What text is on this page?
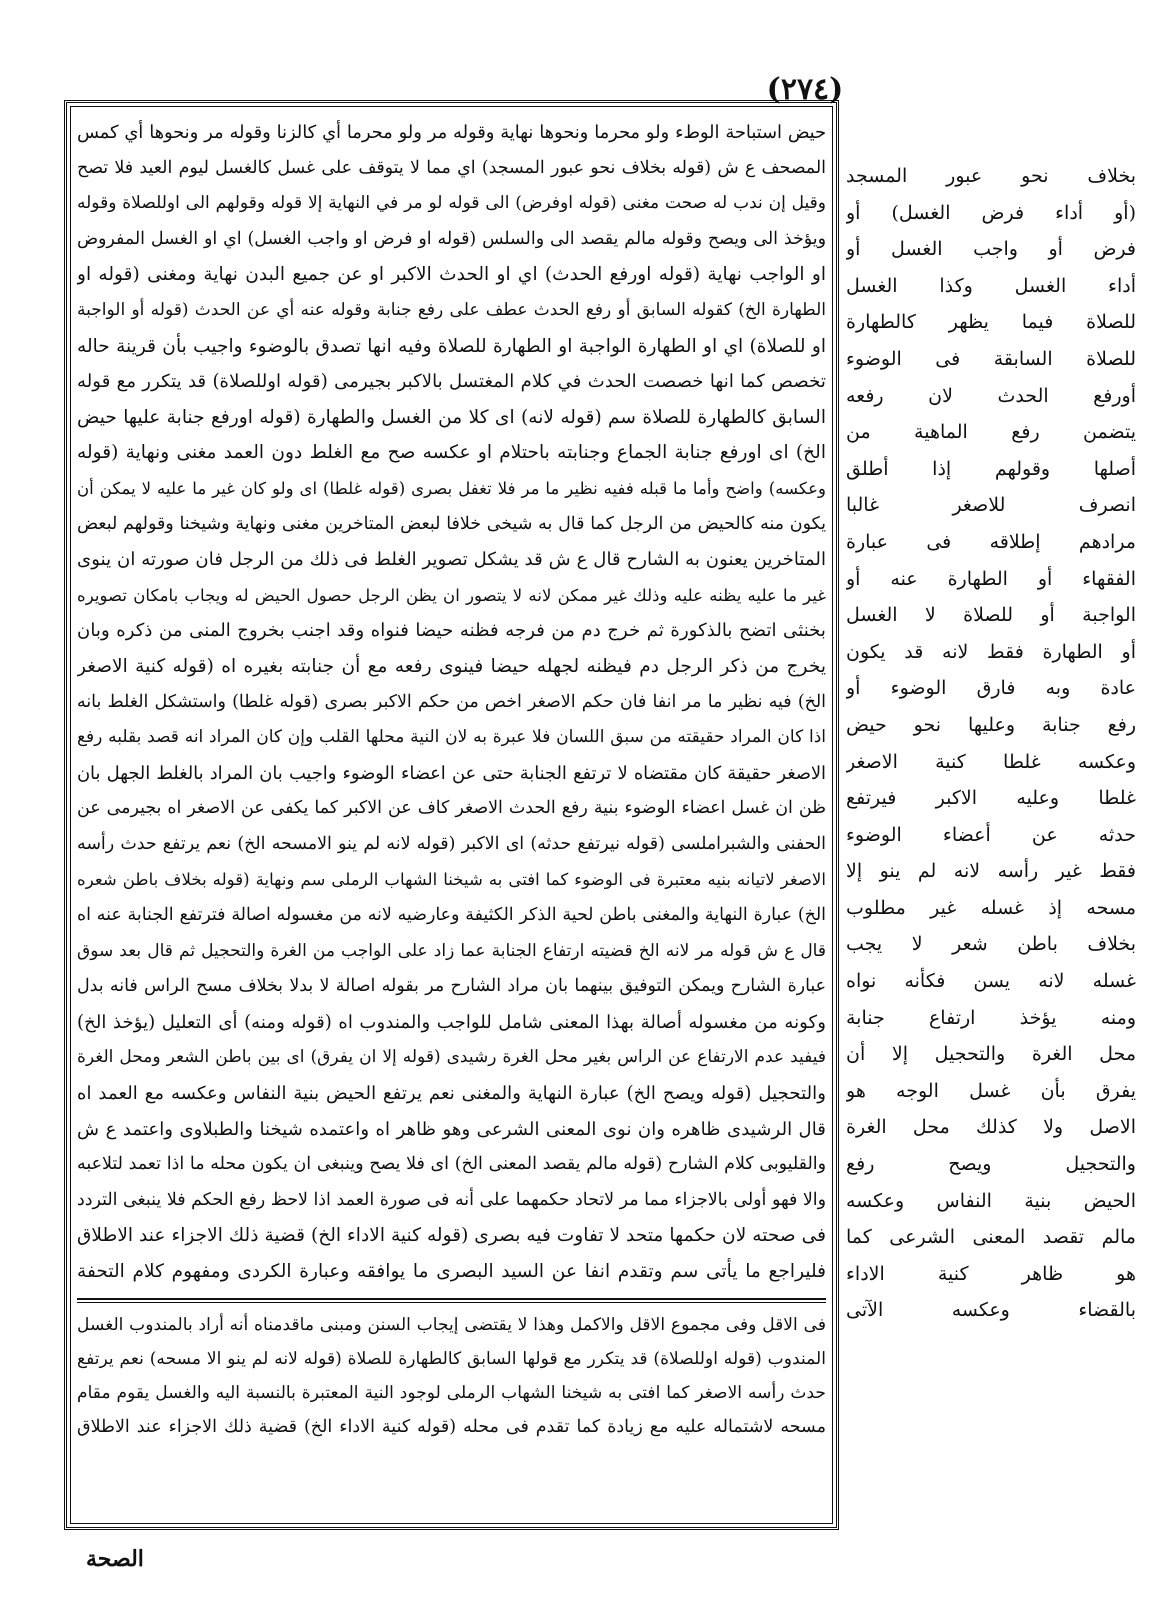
(٢٧٤)
حيض استباحة الوطء ولو محرما ونحوها نهاية وقوله مر ولو محرما أي كالزنا وقوله مر ونحوها أي كمس
المصحف ع ش (قوله بخلاف نحو عبور المسجد) اي مما لا يتوقف على غسل كالغسل ليوم العيد فلا تصح
وقيل إن ندب له صحت مغنى (قوله اوفرض) الى قوله لو مر في النهاية إلا قوله وقولهم الى اوللصلاة وقوله
ويؤخذ الى ويصح وقوله مالم يقصد الى والسلس (قوله او فرض او واجب الغسل) اي او الغسل المفروض
او الواجب نهاية (قوله اورفع الحدث) اي او الحدث الاكبر او عن جميع البدن نهاية ومغنى (قوله او
الطهارة الخ) كقوله السابق أو رفع الحدث عطف على رفع جنابة وقوله عنه أي عن الحدث (قوله أو الواجبة
او للصلاة) اي او الطهارة الواجبة او الطهارة للصلاة وفيه انها تصدق بالوضوء واجيب بأن قرينة حاله
تخصص كما انها خصصت الحدث في كلام المغتسل بالاكبر بجيرمى (قوله اوللصلاة) قد يتكرر مع قوله
السابق كالطهارة للصلاة سم (قوله لانه) اى كلا من الغسل والطهارة (قوله اورفع جنابة عليها حيض
الخ) اى اورفع جنابة الجماع وجنابته باحتلام او عكسه صح مع الغلط دون العمد مغنى ونهاية (قوله
وعكسه) واضح وأما ما قبله ففيه نظير ما مر فلا تغفل بصرى (قوله غلطا) اى ولو كان غير ما عليه لا يمكن أن
يكون منه كالحيض من الرجل كما قال به شيخى خلافا لبعض المتاخرين مغنى ونهاية وشيخنا وقولهم لبعض
المتاخرين يعنون به الشارح قال ع ش قد يشكل تصوير الغلط فى ذلك من الرجل فان صورته ان ينوى
غير ما عليه يظنه عليه وذلك غير ممكن لانه لا يتصور ان يظن الرجل حصول الحيض له ويجاب بامكان تصويره
بخنثى اتضح بالذكورة ثم خرج دم من فرجه فظنه حيضا فنواه وقد اجنب بخروج المنى من ذكره وبان
يخرج من ذكر الرجل دم فيظنه لجهله حيضا فينوى رفعه مع أن جنابته بغيره اه (قوله كنية الاصغر
الخ) فيه نظير ما مر انفا فان حكم الاصغر اخص من حكم الاكبر بصرى (قوله غلطا) واستشكل الغلط بانه
اذا كان المراد حقيقته من سبق اللسان فلا عبرة به لان النية محلها القلب وإن كان المراد انه قصد بقلبه رفع
الاصغر حقيقة كان مقتضاه لا ترتفع الجنابة حتى عن اعضاء الوضوء واجيب بان المراد بالغلط الجهل بان
ظن ان غسل اعضاء الوضوء بنية رفع الحدث الاصغر كاف عن الاكبر كما يكفى عن الاصغر اه بجيرمى عن
الحفنى والشبراملسى (قوله نيرتفع حدثه) اى الاكبر (قوله لانه لم ينو الامسحه الخ) نعم يرتفع حدث رأسه
الاصغر لاتيانه بنيه معتبرة فى الوضوء كما افتى به شيخنا الشهاب الرملى سم ونهاية (قوله بخلاف باطن شعره
الخ) عبارة النهاية والمغنى باطن لحية الذكر الكثيفة وعارضيه لانه من مغسوله اصالة فترتفع الجنابة عنه اه
قال ع ش قوله مر لانه الخ قضيته ارتفاع الجنابة عما زاد على الواجب من الغرة والتحجيل ثم قال بعد سوق
عبارة الشارح ويمكن التوفيق بينهما بان مراد الشارح مر بقوله اصالة لا بدلا بخلاف مسح الراس فانه بدل
وكونه من مغسوله أصالة بهذا المعنى شامل للواجب والمندوب اه (قوله ومنه) أى التعليل (يؤخذ الخ)
فيفيد عدم الارتفاع عن الراس بغير محل الغرة رشيدى (قوله إلا ان يفرق) اى بين باطن الشعر ومحل الغرة
والتحجيل (قوله ويصح الخ) عبارة النهاية والمغنى نعم يرتفع الحيض بنية النفاس وعكسه مع العمد اه
قال الرشيدى ظاهره وان نوى المعنى الشرعى وهو ظاهر اه واعتمده شيخنا والطبلاوى واعتمد ع ش
والقليوبى كلام الشارح (قوله مالم يقصد المعنى الخ) اى فلا يصح وينبغى ان يكون محله ما اذا تعمد لتلاعبه
والا فهو أولى بالاجزاء مما مر لاتحاد حكمهما على أنه فى صورة العمد اذا لاحظ رفع الحكم فلا ينبغى التردد
فى صحته لان حكمها متحد لا تفاوت فيه بصرى (قوله كنية الاداء الخ) قضية ذلك الاجزاء عند الاطلاق
فليراجع ما يأتى سم وتقدم انفا عن السيد البصرى ما يوافقه وعبارة الكردى ومفهوم كلام التحفة
فى الاقل وفى مجموع الاقل والاكمل وهذا لا يقتضى إيجاب السنن ومبنى ماقدمناه أنه أراد بالمندوب الغسل
المندوب (قوله اوللصلاة) قد يتكرر مع قولها السابق كالطهارة للصلاة (قوله لانه لم ينو الا مسحه) نعم يرتفع
حدث رأسه الاصغر كما افتى به شيخنا الشهاب الرملى لوجود النية المعتبرة بالنسبة اليه والغسل يقوم مقام
مسحه لاشتماله عليه مع زيادة كما تقدم فى محله (قوله كنية الاداء الخ) قضية ذلك الاجزاء عند الاطلاق
بخلاف نحو عبور المسجد
(أو أداء فرض الغسل) أو
فرض أو واجب الغسل أو
أداء الغسل وكذا الغسل
للصلاة فيما يظهر كالطهارة
للصلاة السابقة فى الوضوء
أورفع الحدث لان رفعه
يتضمن رفع الماهية من
أصلها وقولهم إذا أطلق
انصرف للاصغر غالبا
مرادهم إطلاقه فى عبارة
الفقهاء أو الطهارة عنه أو
الواجبة أو للصلاة لا الغسل
أو الطهارة فقط لانه قد يكون
عادة وبه فارق الوضوء أو
رفع جنابة وعليها نحو حيض
وعكسه غلطا كنية الاصغر
غلطا وعليه الاكبر فيرتفع
حدثه عن أعضاء الوضوء
فقط غير رأسه لانه لم ينو إلا
مسحه إذ غسله غير مطلوب
بخلاف باطن شعر لا يجب
غسله لانه يسن فكأنه نواه
ومنه يؤخذ ارتفاع جنابة
محل الغرة والتحجيل إلا أن
يفرق بأن غسل الوجه هو
الاصل ولا كذلك محل الغرة
والتحجيل ويصح رفع
الحيض بنية النفاس وعكسه
مالم تقصد المعنى الشرعى كما
هو ظاهر كنية الاداء
بالقضاء وعكسه الآتى
الصحة
